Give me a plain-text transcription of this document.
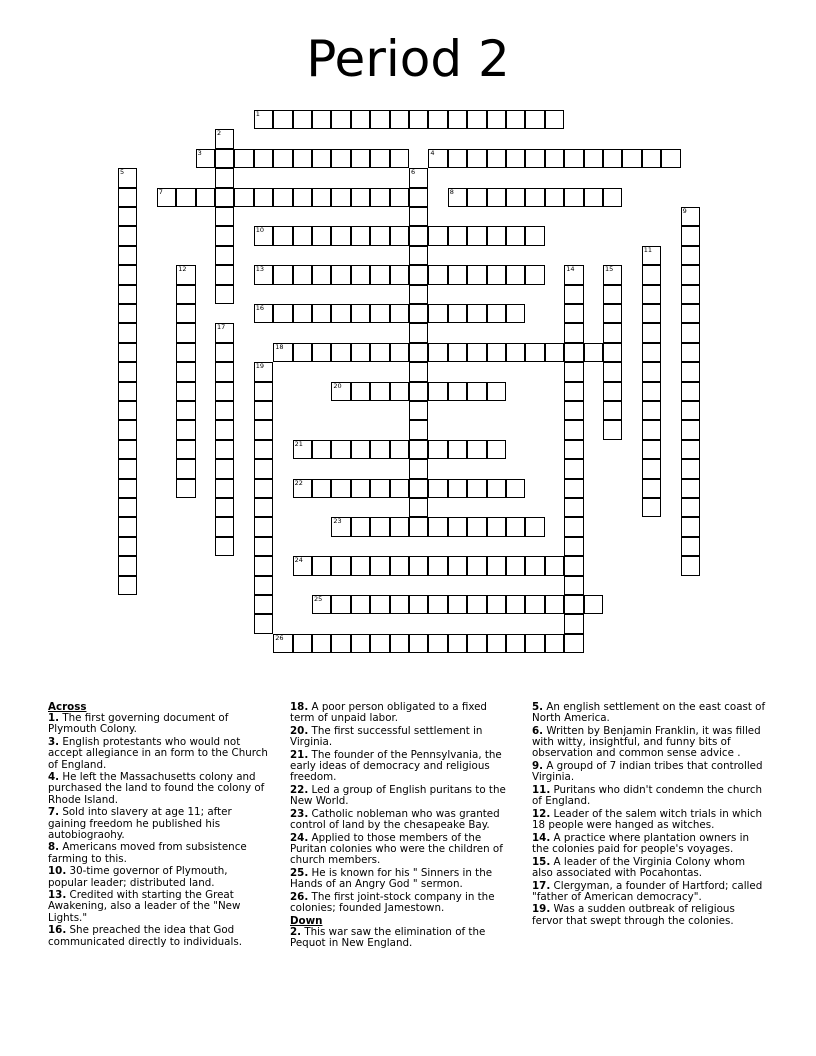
Period 2
1
2
3	4
5	6
7	8
9
10
11
12	13	14	15
16
17
18
19
20
21
22
23
24
25
26
Across
1. The first governing document of Plymouth Colony.
3. English protestants who would not accept allegiance in an form to the Church of England.
4. He left the Massachusetts colony and purchased the land to found the colony of Rhode Island.
7. Sold into slavery at age 11; after gaining freedom he published his autobiograohy.
8. Americans moved from subsistence farming to this.
10. 30-time governor of Plymouth, popular leader; distributed land.
13. Credited with starting the Great Awakening, also a leader of the "New Lights."
16. She preached the idea that God communicated directly to individuals.
18. A poor person obligated to a fixed term of unpaid labor.
20. The first successful settlement in Virginia.
21. The founder of the Pennsylvania, the early ideas of democracy and religious freedom.
22. Led a group of English puritans to the New World.
23. Catholic nobleman who was granted control of land by the chesapeake Bay.
24. Applied to those members of the Puritan colonies who were the children of church members.
25. He is known for his " Sinners in the Hands of an Angry God " sermon.
26. The first joint-stock company in the colonies; founded Jamestown.
Down
2. This war saw the elimination of the Pequot in New England.
5. An english settlement on the east coast of North America.
6. Written by Benjamin Franklin, it was filled with witty, insightful, and funny bits of observation and common sense advice .
9. A groupd of 7 indian tribes that controlled Virginia.
11. Puritans who didn't condemn the church of England.
12. Leader of the salem witch trials in which 18 people were hanged as witches.
14. A practice where plantation owners in the colonies paid for people's voyages.
15. A leader of the Virginia Colony whom also associated with Pocahontas.
17. Clergyman, a founder of Hartford; called "father of American democracy".
19. Was a sudden outbreak of religious fervor that swept through the colonies.
